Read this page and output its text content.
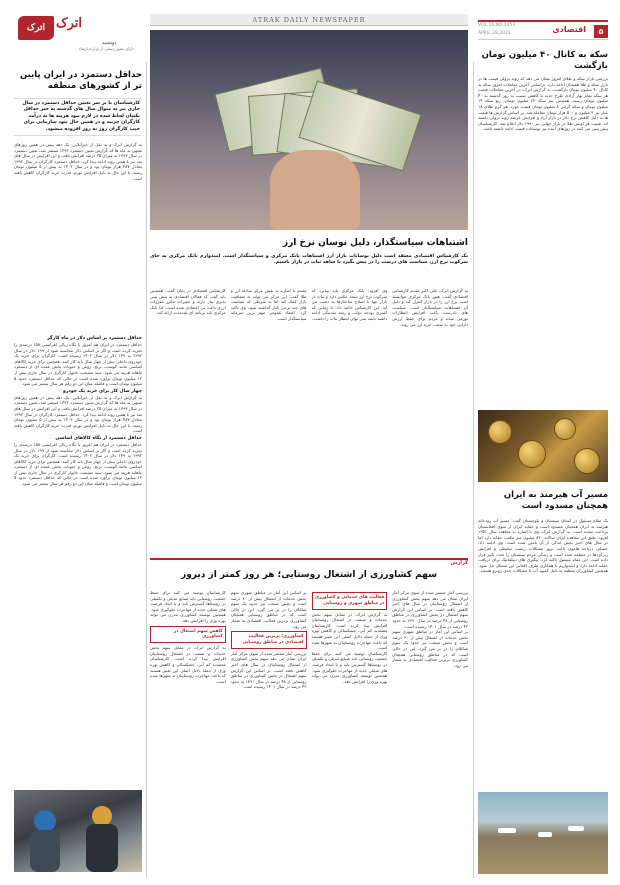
اترک اترک
دوشنبه
دارای مجوز رسمی از وزارت ارشاد
ATRAK DAILY NEWSPAPER
۵
اقتصادی
VOL.16,NO.1453
APRIL 29,2023
حداقل دستمزد در ایران پایین تر از کشورهای منطقه
کارشناسان با بر سر تعیین حداقل دستمزد در سال جاری نیز به متوال سال های گذشته به خبر حداقل یکبیان لحاظ شده در لازم نبود هزینه ها به درآمد کارگران جزیید و در همین حال نبود سازمانی برای جیب کارگران روز به روز افزوده میشود.
به گزارش اترک و به نقل از خبرآنلاین، یک دهه پیش در همین روزهای منتهی به ماه ها که گزارش تعیین دستمزد ۱۳۹۲ منتشر شد، تعیین دستمزد در سال ۱۳۹۳ به میزان ۲۵ درصد افزایش یافت و این افزایش در سال های بعد نیز با همین روند ادامه پیدا کرد. حداقل دستمزد کارگران در سال ۱۳۹۲ معادل ۴۸۷ هزار تومان بود و در سال ۱۴۰۲ به بیش از ۵ میلیون تومان رسید. با این حال به دلیل افزایش تورم، قدرت خرید کارگران کاهش یافته است.
حداقل دستمزد بر اساس دلار در ماه کارگر
حداقل دستمزد در ایران هم امروز با نگاه ریالی افزایشی ۱۵۸ درصدی را تجربه کرده است و اگر بر اساس دلار محاسبه شود از ۱۹۹ دلار در سال ۱۳۹۲ به ۱۴۹ دلار در سال ۱۴۰۲ رسیده است. کارگران برای خرید یک خودروی داخلی بیش از چهار سال باید کار کنند. همچنین برای خرید کالاهای اساسی مانند گوشت، برنج، روغن و حبوبات بخش عمده ای از دستمزد ماهانه هزینه می شود. سبد معیشت خانوار کارگری در سال جاری بیش از ۱۲ میلیون تومان برآورد شده است در حالی که حداقل دستمزد حدود ۵ میلیون تومان است و فاصله میان این دو رقم هر سال بیشتر می شود.
چهار سال کار برای خرید یک خودرو
به گزارش اترک و به نقل از خبرآنلاین، یک دهه پیش در همین روزهای منتهی به ماه ها که گزارش تعیین دستمزد ۱۳۹۲ منتشر شد، تعیین دستمزد در سال ۱۳۹۳ به میزان ۲۵ درصد افزایش یافت و این افزایش در سال های بعد نیز با همین روند ادامه پیدا کرد. حداقل دستمزد کارگران در سال ۱۳۹۲ معادل ۴۸۷ هزار تومان بود و در سال ۱۴۰۲ به بیش از ۵ میلیون تومان رسید. با این حال به دلیل افزایش تورم، قدرت خرید کارگران کاهش یافته است.
حداقل دستمزد از نگاه کالاهای اساسی
حداقل دستمزد در ایران هم امروز با نگاه ریالی افزایشی ۱۵۸ درصدی را تجربه کرده است و اگر بر اساس دلار محاسبه شود از ۱۹۹ دلار در سال ۱۳۹۲ به ۱۴۹ دلار در سال ۱۴۰۲ رسیده است. کارگران برای خرید یک خودروی داخلی بیش از چهار سال باید کار کنند. همچنین برای خرید کالاهای اساسی مانند گوشت، برنج، روغن و حبوبات بخش عمده ای از دستمزد ماهانه هزینه می شود. سبد معیشت خانوار کارگری در سال جاری بیش از ۱۲ میلیون تومان برآورد شده است در حالی که حداقل دستمزد حدود ۵ میلیون تومان است و فاصله میان این دو رقم هر سال بیشتر می شود.
اشتباهات سیاستگذار، دلیل نوسان نرخ ارز
یک کارشناس اقتصادی معتقد است دلیل نوسانات بازار ارز اشتباهات بانک مرکزی و سیاستگذار است. امیدوارم بانک مرکزی به جای سرکوب نرخ ارز، سیاست های درست را در پیش بگیرد تا شاهد ثبات در بازار باشیم.
کارشناس اقتصادی در پایان گفت: همچنین باید گفت که فعالان اقتصادی به پیش بینی پذیری نیاز دارند و تغییرات مکرر مقررات ارزی باعث بی اعتمادی شده است. لذا بانک مرکزی باید برنامه ای بلندمدت ارائه کند.
مقدم با اشاره به نقش مرکز مبادله ارز و طلا گفت: این مرکز می تواند به شفافیت بازار کمک کند اما به شرطی که سیاست های چند نرخی کنار گذاشته شود. وی تاکید کرد: اعتماد عمومی مهم ترین سرمایه سیاستگذار است.
وی افزود: بانک مرکزی باید بپذیرد که سرکوب نرخ ارز نتیجه عکس دارد و ثبات در بازار تنها با اصلاح ساختارها به دست می آید. این کارشناس ادامه داد: تا زمانی که کسری بودجه دولت و رشد نقدینگی ادامه داشته باشد نمی توان انتظار ثبات را داشت.
به گزارش اترک، علی اکبر مقدم کارشناس اقتصادی گفت: هنوز بانک مرکزی نتوانسته است نرخ ارز را در بازار کنترل کند و دلیل آن اشتباهات سیاستگذار است. سیاست های نادرست باعث افزایش انتظارات تورمی شده و مردم برای حفظ ارزش دارایی خود به سمت خرید ارز می روند.
گزارش
سهم کشاورزی از اشتغال روستایی؛ هر روز کمتر از دیروز
کارشناسان توصیه می کنند برای حفظ جمعیت روستایی باید صنایع تبدیلی و تکمیلی در روستاها گسترش یابد و با ایجاد فرصت های شغلی جدید از مهاجرت جلوگیری شود. همچنین توسعه کشاورزی مدرن می تواند بهره وری را افزایش دهد.
کاهش سهم اشتغال در کشاورزی
به گزارش اترک، در مقابل سهم بخش خدمات و صنعت در اشتغال روستاییان افزایش پیدا کرده است. کارشناسان معتقدند کم آبی، خشکسالی و کاهش بهره وری از جمله دلایل اصلی این تغییر هستند که باعث مهاجرت روستاییان به شهرها شده است.
بر اساس این آمار در مناطق شهری سهم بخش خدمات از اشتغال بیش از ۶۰ درصد است و بخش صنعت نیز حدود یک سوم شاغلان را در بر می گیرد. این در حالی است که در مناطق روستایی همچنان کشاورزی برترین فعالیت اقتصادی به شمار می رود.
کشاورزی؛ برترین فعالیت اقتصادی در مناطق روستایی
بررسی آمار منتشر شده از سوی مرکز آمار ایران نشان می دهد سهم بخش کشاورزی از اشتغال روستاییان در سال های اخیر کاهش یافته است. بر اساس این گزارش سهم اشتغال در بخش کشاورزی در مناطق روستایی از ۴۸ درصد در سال ۱۳۹۰ به حدود ۴۲ درصد در سال ۱۴۰۱ رسیده است.
فعالیت های خدماتی و کشاورزی در مناطق شهری و روستایی
به گزارش اترک، در مقابل سهم بخش خدمات و صنعت در اشتغال روستاییان افزایش پیدا کرده است. کارشناسان معتقدند کم آبی، خشکسالی و کاهش بهره وری از جمله دلایل اصلی این تغییر هستند که باعث مهاجرت روستاییان به شهرها شده است.
کارشناسان توصیه می کنند برای حفظ جمعیت روستایی باید صنایع تبدیلی و تکمیلی در روستاها گسترش یابد و با ایجاد فرصت های شغلی جدید از مهاجرت جلوگیری شود. همچنین توسعه کشاورزی مدرن می تواند بهره وری را افزایش دهد.
بررسی آمار منتشر شده از سوی مرکز آمار ایران نشان می دهد سهم بخش کشاورزی از اشتغال روستاییان در سال های اخیر کاهش یافته است. بر اساس این گزارش سهم اشتغال در بخش کشاورزی در مناطق روستایی از ۴۸ درصد در سال ۱۳۹۰ به حدود ۴۲ درصد در سال ۱۴۰۱ رسیده است.
بر اساس این آمار در مناطق شهری سهم بخش خدمات از اشتغال بیش از ۶۰ درصد است و بخش صنعت نیز حدود یک سوم شاغلان را در بر می گیرد. این در حالی است که در مناطق روستایی همچنان کشاورزی برترین فعالیت اقتصادی به شمار می رود.
سکه به کانال ۴۰ میلیون تومان بازگشت
بررسی بازار سکه و طلای امروز نشان می دهد که روند نزولی قیمت ها در بازار سکه و طلا همچنان ادامه دارد. براساس آخرین معاملات امروز سکه به کانال ۴۰ میلیون تومان بازگشت. به گزارش اترک، در آخرین معاملات قیمت هر سکه تمام بهار آزادی طرح جدید با کاهش نسبت به روز گذشته به ۴۰ میلیون تومان رسید. همچنین نیم سکه ۲۲ میلیون تومان، ربع سکه ۱۴ میلیون تومان و سکه گرمی ۸ میلیون تومان قیمت خورد. هر گرم طلای ۱۸ عیار نیز ۲ میلیون و ۵۰۰ هزار تومان معامله شد. بر اساس گزارش ها قیمت ها به دلیل کاهش نرخ دلار در بازار آزاد و افزایش عرضه روند نزولی داشته اند. قیمت هر اونس طلا در بازار جهانی نیز ۱۹۹۰ دلار اعلام شد. کارشناسان پیش بینی می کنند در روزهای آینده نیز نوسانات قیمت ادامه داشته باشد.
مسیر آب هیرمند به ایران همچنان مسدود است
یک مقام مسئول در استان سیستان و بلوچستان گفت: مسیر آب رودخانه هیرمند به ایران همچنان مسدود است و حقابه ایران از سوی افغانستان پرداخت نشده است. به گزارش اترک، وی با اشاره به معاهده سال ۱۳۵۱ افزود: طبق این معاهده ایران سالانه ۸۲۰ میلیون متر مکعب حقابه دارد اما در سال های اخیر بخش اندکی از آن تامین شده است. وی ادامه داد: خشکی دریاچه هامون باعث بروز مشکلات زیست محیطی و افزایش ریزگردها در منطقه شده است و زندگی مردم سیستان را تحت تاثیر قرار داده است. این مقام مسئول تاکید کرد: پیگیری های دیپلماتیک برای دریافت حقابه ادامه دارد و امیدواریم با همکاری طرف افغانی این مشکل حل شود. همچنین کشاورزان منطقه به دلیل کمبود آب با مشکلات جدی روبرو هستند.
